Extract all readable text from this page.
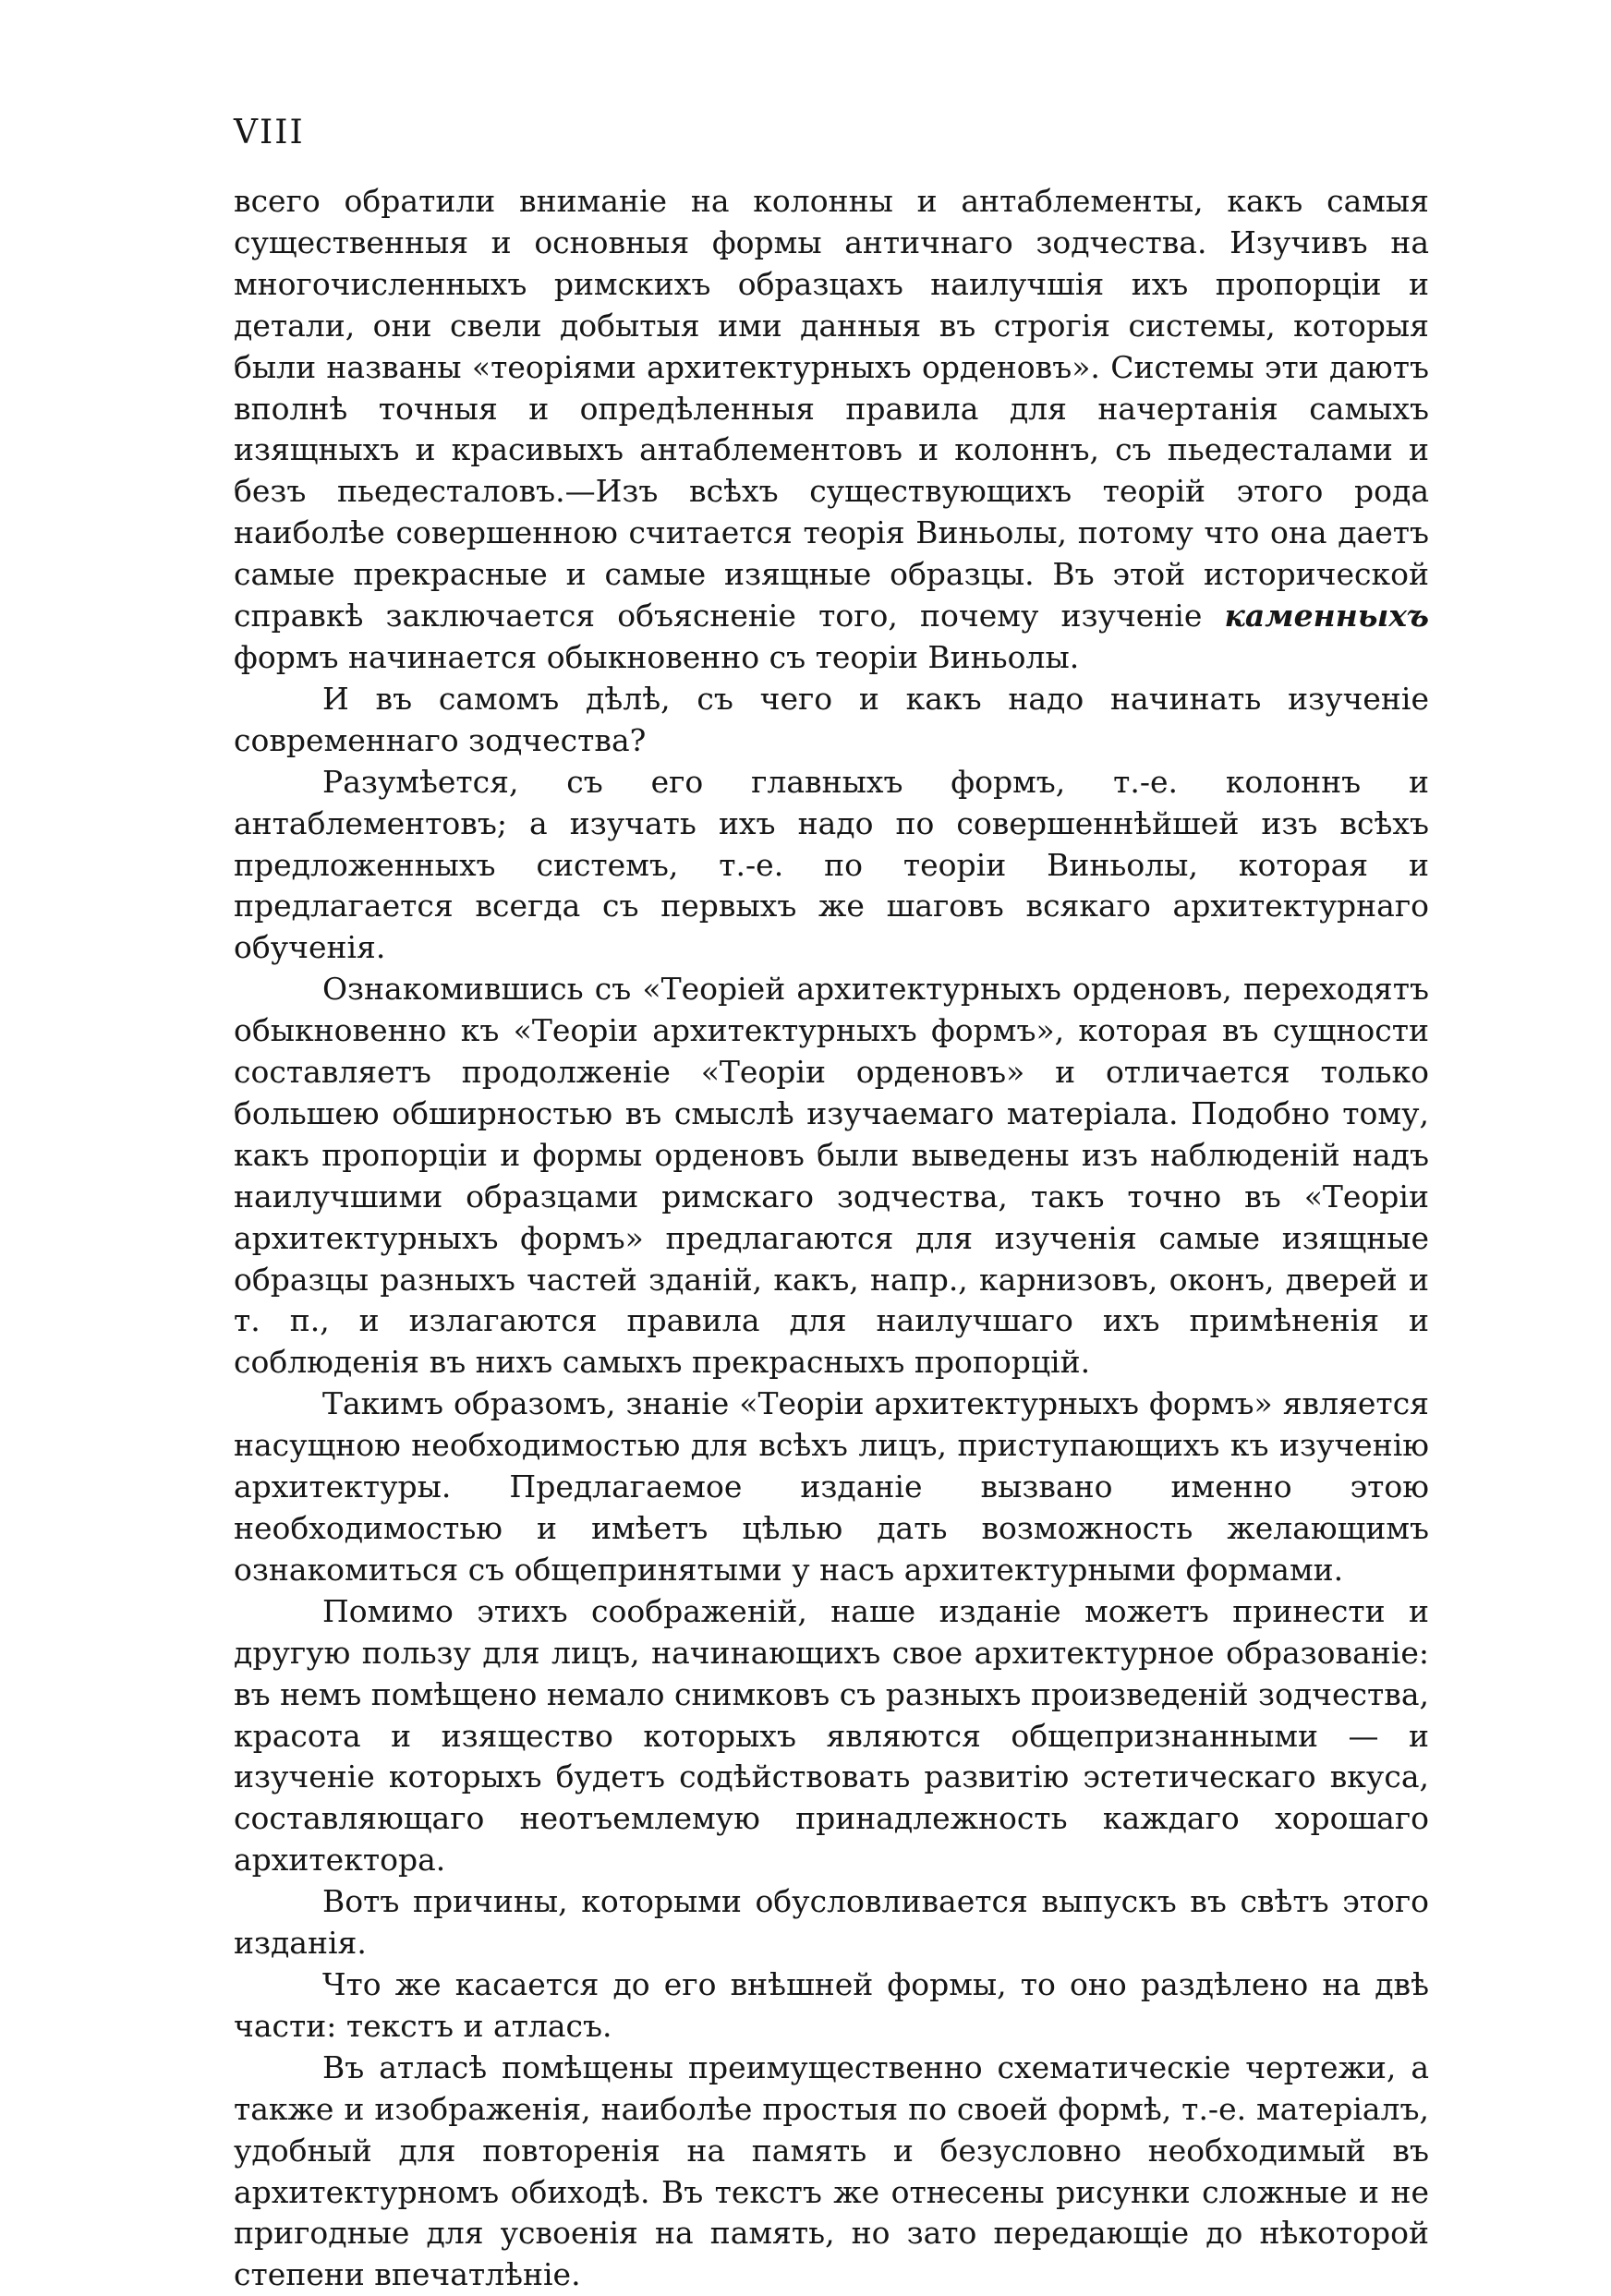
VIII

всего обратили вниманіе на колонны и антаблементы, какъ самыя существенныя и основныя формы античнаго зодчества. Изучивъ на многочисленныхъ римскихъ образцахъ наилучшія ихъ пропорціи и детали, они свели добытыя ими данныя въ строгія системы, которыя были названы «теоріями архитектурныхъ орденовъ». Системы эти даютъ вполнѣ точныя и опредѣленныя правила для начертанія самыхъ изящныхъ и красивыхъ антаблементовъ и колоннъ, съ пьедесталами и безъ пьедесталовъ.—Изъ всѣхъ существующихъ теорій этого рода наиболѣе совершенною считается теорія Виньолы, потому что она даетъ самые прекрасные и самые изящные образцы. Въ этой исторической справкѣ заключается объясненіе того, почему изученіе каменныхъ формъ начинается обыкновенно съ теоріи Виньолы.

И въ самомъ дѣлѣ, съ чего и какъ надо начинать изученіе современнаго зодчества?

Разумѣется, съ его главныхъ формъ, т.-е. колоннъ и антаблементовъ; а изучать ихъ надо по совершеннѣйшей изъ всѣхъ предложенныхъ системъ, т.-е. по теоріи Виньолы, которая и предлагается всегда съ первыхъ же шаговъ всякаго архитектурнаго обученія.

Ознакомившись съ «Теоріей архитектурныхъ орденовъ, переходятъ обыкновенно къ «Теоріи архитектурныхъ формъ», которая въ сущности составляетъ продолженіе «Теоріи орденовъ» и отличается только большею обширностью въ смыслѣ изучаемаго матеріала. Подобно тому, какъ пропорціи и формы орденовъ были выведены изъ наблюденій надъ наилучшими образцами римскаго зодчества, такъ точно въ «Теоріи архитектурныхъ формъ» предлагаются для изученія самые изящные образцы разныхъ частей зданій, какъ, напр., карнизовъ, оконъ, дверей и т. п., и излагаются правила для наилучшаго ихъ примѣненія и соблюденія въ нихъ самыхъ прекрасныхъ пропорцій.

Такимъ образомъ, знаніе «Теоріи архитектурныхъ формъ» является насущною необходимостью для всѣхъ лицъ, приступающихъ къ изученію архитектуры. Предлагаемое изданіе вызвано именно этою необходимостью и имѣетъ цѣлью дать возможность желающимъ ознакомиться съ общепринятыми у насъ архитектурными формами.

Помимо этихъ соображеній, наше изданіе можетъ принести и другую пользу для лицъ, начинающихъ свое архитектурное образованіе: въ немъ помѣщено немало снимковъ съ разныхъ произведеній зодчества, красота и изящество которыхъ являются общепризнанными — и изученіе которыхъ будетъ содѣйствовать развитію эстетическаго вкуса, составляющаго неотъемлемую принадлежность каждаго хорошаго архитектора.

Вотъ причины, которыми обусловливается выпускъ въ свѣтъ этого изданія.

Что же касается до его внѣшней формы, то оно раздѣлено на двѣ части: текстъ и атласъ.

Въ атласѣ помѣщены преимущественно схематическіе чертежи, а также и изображенія, наиболѣе простыя по своей формѣ, т.-е. матеріалъ, удобный для повторенія на память и безусловно необходимый въ архитектурномъ обиходѣ. Въ текстъ же отнесены рисунки сложные и не пригодные для усвоенія на память, но зато передающіе до нѣкоторой степени впечатлѣніе.
